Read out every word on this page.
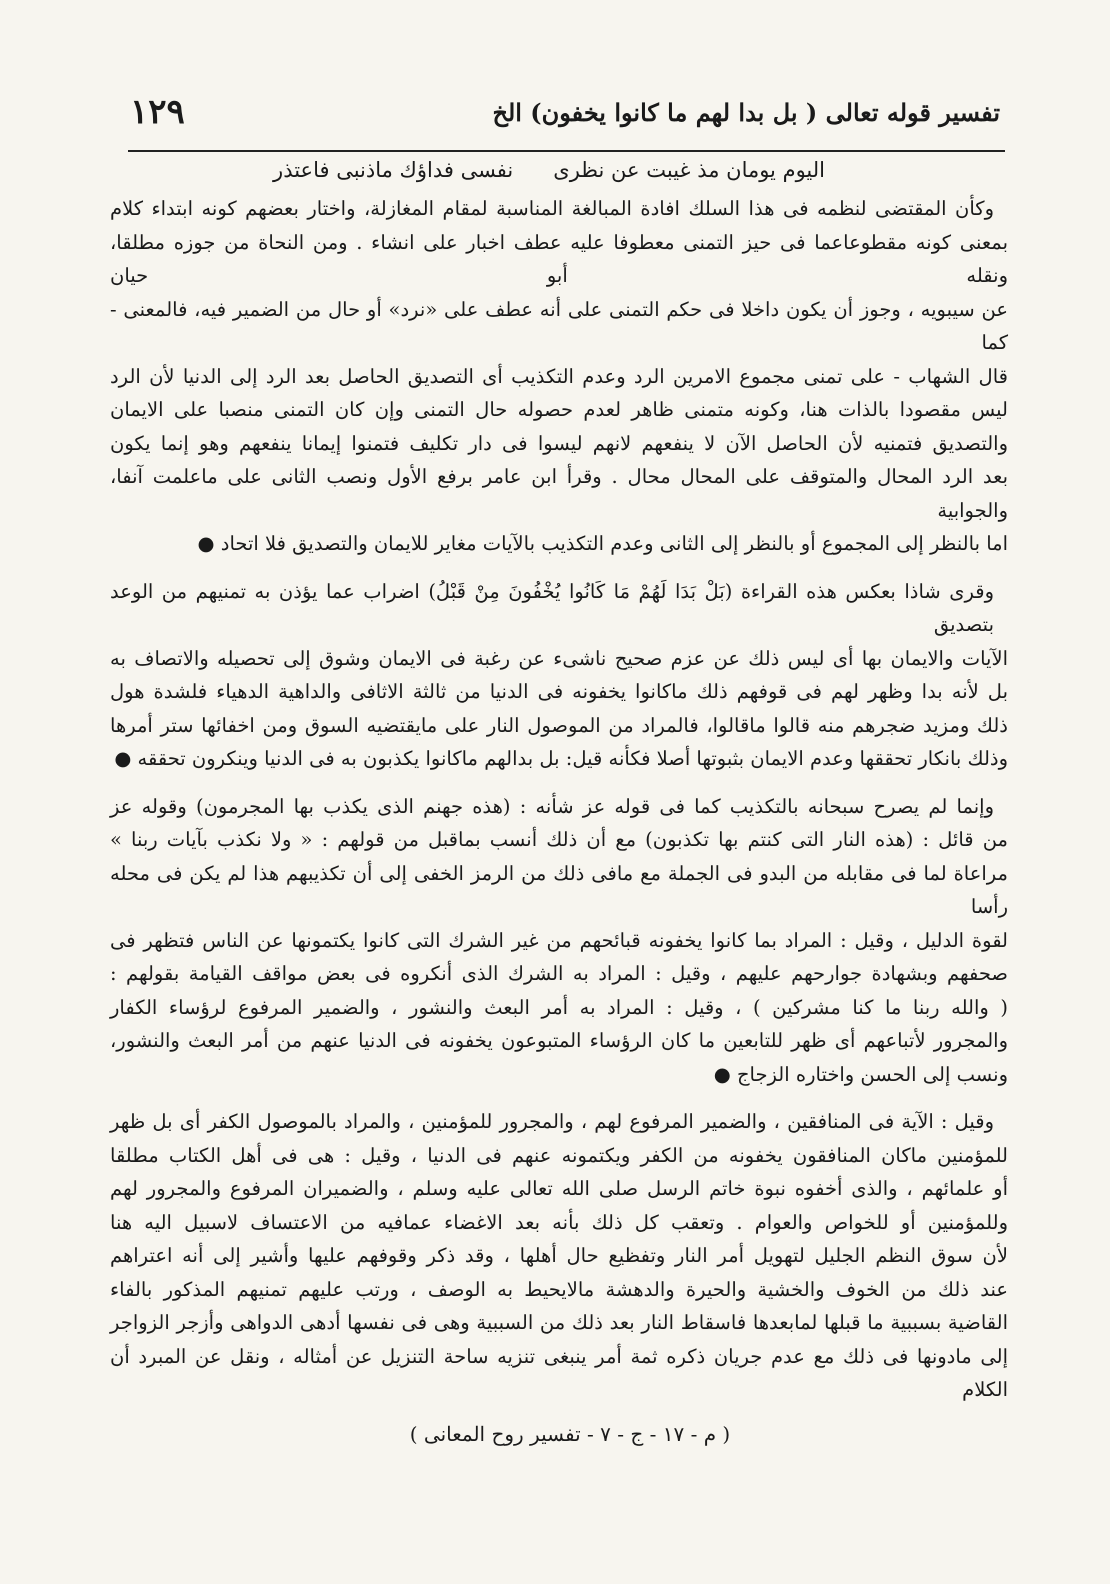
تفسير قوله تعالى ( بل بدا لهم ما كانوا يخفون) الخ
١٢٩
اليوم يومان مذ غيبت عن نظرى
نفسى فداؤك ماذنبى فاعتذر

وكأن المقتضى لنظمه فى هذا السلك افادة المبالغة المناسبة لمقام المغازلة، واختار بعضهم كونه ابتداء كلام

بمعنى كونه مقطوعاعما فى حيز التمنى معطوفا عليه عطف اخبار على انشاء . ومن النحاة من جوزه مطلقا، ونقله أبو حيان

عن سيبويه ، وجوز أن يكون داخلا فى حكم التمنى على أنه عطف على «نرد» أو حال من الضمير فيه، فالمعنى - كما

قال الشهاب - على تمنى مجموع الامرين الرد وعدم التكذيب أى التصديق الحاصل بعد الرد إلى الدنيا لأن الرد

ليس مقصودا بالذات هنا، وكونه متمنى ظاهر لعدم حصوله حال التمنى وإن كان التمنى منصبا على الايمان

والتصديق فتمنيه لأن الحاصل الآن لا ينفعهم لانهم ليسوا فى دار تكليف فتمنوا إيمانا ينفعهم وهو إنما يكون

بعد الرد المحال والمتوقف على المحال محال . وقرأ ابن عامر برفع الأول ونصب الثانى على ماعلمت آنفا، والجوابية

اما بالنظر إلى المجموع أو بالنظر إلى الثانى وعدم التكذيب بالآيات مغاير للايمان والتصديق فلا اتحاد ●

وقرى شاذا بعكس هذه القراءة (بَلْ بَدَا لَهُمْ مَا كَانُوا يُخْفُونَ مِنْ قَبْلُ) اضراب عما يؤذن به تمنيهم من الوعد بتصديق

الآيات والايمان بها أى ليس ذلك عن عزم صحيح ناشىء عن رغبة فى الايمان وشوق إلى تحصيله والاتصاف به

بل لأنه بدا وظهر لهم فى قوفهم ذلك ماكانوا يخفونه فى الدنيا من ثالثة الاثافى والداهية الدهياء فلشدة هول

ذلك ومزيد ضجرهم منه قالوا ماقالوا، فالمراد من الموصول النار على مايقتضيه السوق ومن اخفائها ستر أمرها

وذلك بانكار تحققها وعدم الايمان بثبوتها أصلا فكأنه قيل: بل بدالهم ماكانوا يكذبون به فى الدنيا وينكرون تحققه ●

وإنما لم يصرح سبحانه بالتكذيب كما فى قوله عز شأنه : (هذه جهنم الذى يكذب بها المجرمون) وقوله عز

من قائل : (هذه النار التى كنتم بها تكذبون) مع أن ذلك أنسب بماقبل من قولهم : « ولا نكذب بآيات ربنا »

مراعاة لما فى مقابله من البدو فى الجملة مع مافى ذلك من الرمز الخفى إلى أن تكذيبهم هذا لم يكن فى محله رأسا

لقوة الدليل ، وقيل : المراد بما كانوا يخفونه قبائحهم من غير الشرك التى كانوا يكتمونها عن الناس فتظهر فى

صحفهم وبشهادة جوارحهم عليهم ، وقيل : المراد به الشرك الذى أنكروه فى بعض مواقف القيامة بقولهم :

( والله ربنا ما كنا مشركين ) ، وقيل : المراد به أمر البعث والنشور ، والضمير المرفوع لرؤساء الكفار

والمجرور لأتباعهم أى ظهر للتابعين ما كان الرؤساء المتبوعون يخفونه فى الدنيا عنهم من أمر البعث والنشور،

ونسب إلى الحسن واختاره الزجاج ●

وقيل : الآية فى المنافقين ، والضمير المرفوع لهم ، والمجرور للمؤمنين ، والمراد بالموصول الكفر أى بل ظهر

للمؤمنين ماكان المنافقون يخفونه من الكفر ويكتمونه عنهم فى الدنيا ، وقيل : هى فى أهل الكتاب مطلقا

أو علمائهم ، والذى أخفوه نبوة خاتم الرسل صلى الله تعالى عليه وسلم ، والضميران المرفوع والمجرور لهم

وللمؤمنين أو للخواص والعوام . وتعقب كل ذلك بأنه بعد الاغضاء عمافيه من الاعتساف لاسبيل اليه هنا

لأن سوق النظم الجليل لتهويل أمر النار وتفظيع حال أهلها ، وقد ذكر وقوفهم عليها وأشير إلى أنه اعتراهم

عند ذلك من الخوف والخشية والحيرة والدهشة مالايحيط به الوصف ، ورتب عليهم تمنيهم المذكور بالفاء

القاضية بسببية ما قبلها لمابعدها فاسقاط النار بعد ذلك من السببية وهى فى نفسها أدهى الدواهى وأزجر الزواجر

إلى مادونها فى ذلك مع عدم جريان ذكره ثمة أمر ينبغى تنزيه ساحة التنزيل عن أمثاله ، ونقل عن المبرد أن الكلام

( م - ١٧ - ج - ٧ - تفسير روح المعانى )
